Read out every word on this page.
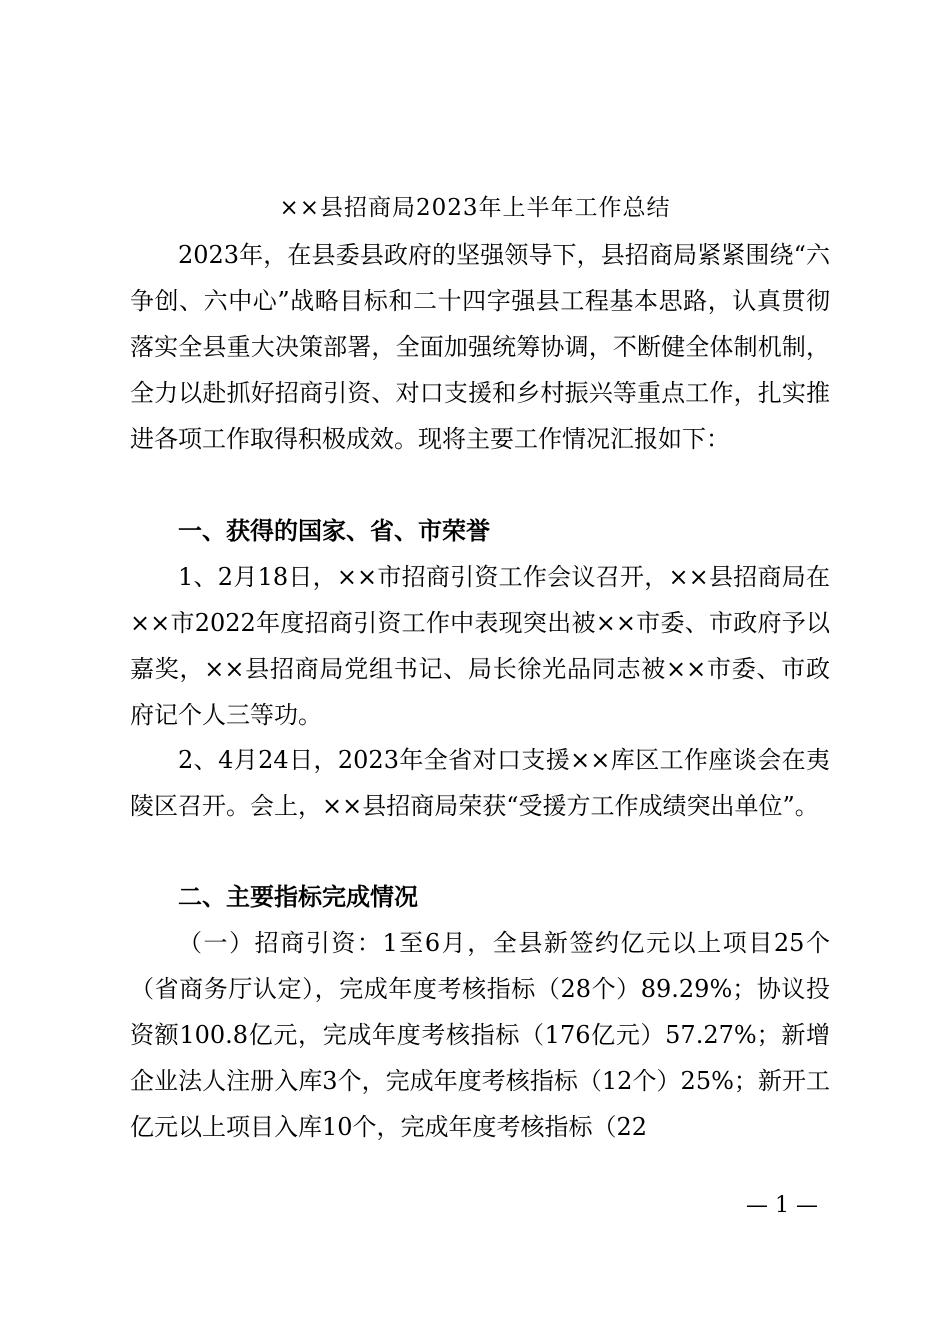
××县招商局2023年上半年工作总结

2023年，在县委县政府的坚强领导下，县招商局紧紧围绕“六争创、六中心”战略目标和二十四字强县工程基本思路，认真贯彻落实全县重大决策部署，全面加强统筹协调，不断健全体制机制，全力以赴抓好招商引资、对口支援和乡村振兴等重点工作，扎实推进各项工作取得积极成效。现将主要工作情况汇报如下：

一、获得的国家、省、市荣誉

1、2月18日，××市招商引资工作会议召开，××县招商局在××市2022年度招商引资工作中表现突出被××市委、市政府予以嘉奖，××县招商局党组书记、局长徐光品同志被××市委、市政府记个人三等功。

2、4月24日，2023年全省对口支援××库区工作座谈会在夷陵区召开。会上，××县招商局荣获“受援方工作成绩突出单位”。

二、主要指标完成情况

（一）招商引资：1至6月，全县新签约亿元以上项目25个（省商务厅认定），完成年度考核指标（28个）89.29%；协议投资额100.8亿元，完成年度考核指标（176亿元）57.27%；新增企业法人注册入库3个，完成年度考核指标（12个）25%；新开工亿元以上项目入库10个，完成年度考核指标（22

— 1 —
